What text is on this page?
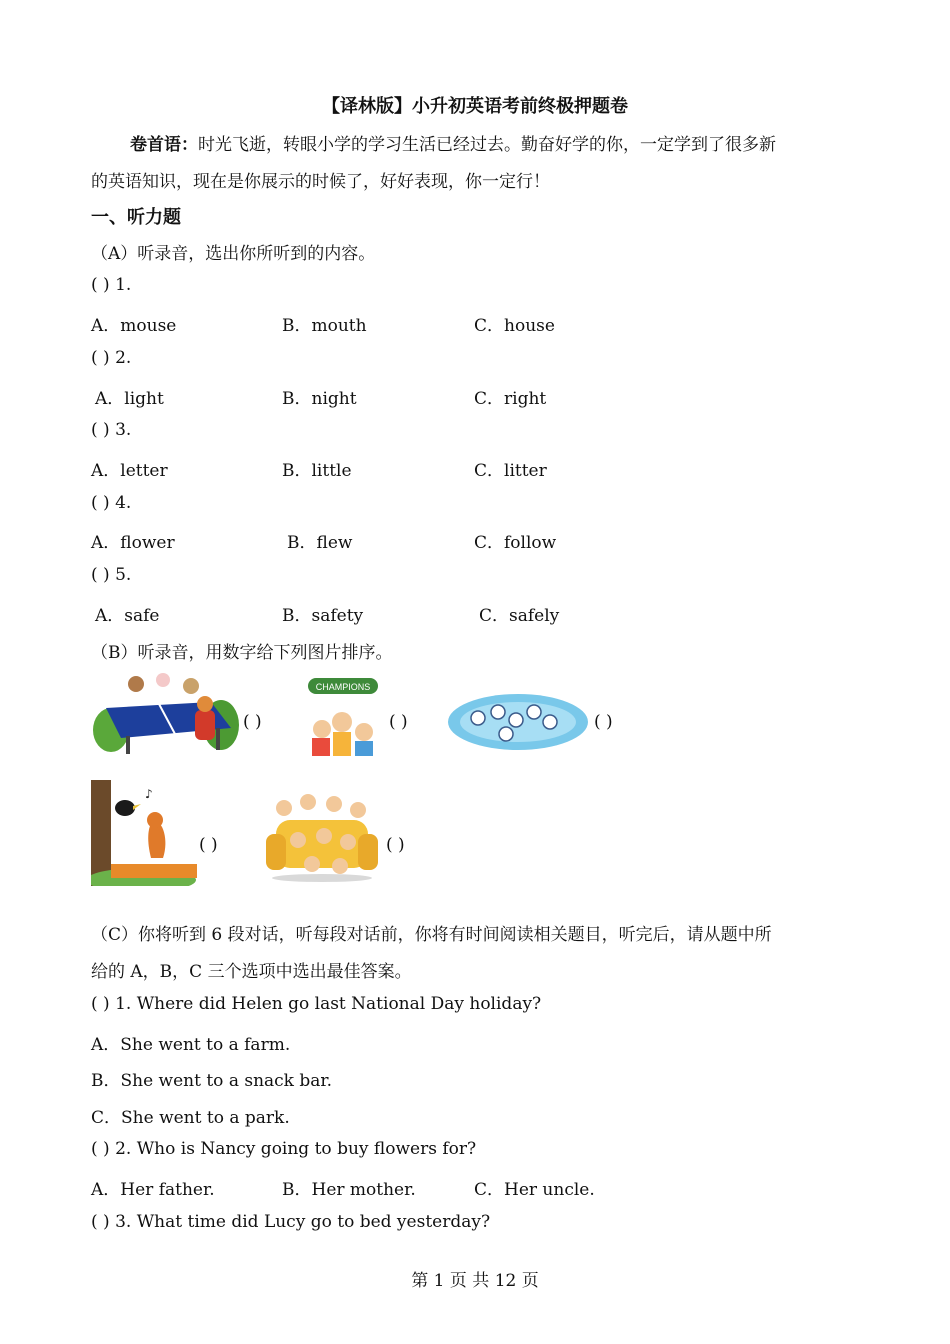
【译林版】小升初英语考前终极押题卷
卷首语：时光飞逝，转眼小学的学习生活已经过去。勤奋好学的你，一定学到了很多新
的英语知识，现在是你展示的时候了，好好表现，你一定行！
一、听力题
（A）听录音，选出你所听到的内容。
( ) 1.
A．mouse	B．mouth	C．house
( ) 2.
A．light	B．night	C．right
( ) 3.
A．letter	B．little	C．litter
( ) 4.
A．flower	B．flew	C．follow
( ) 5.
A．safe	B．safety	C．safely
（B）听录音，用数字给下列图片排序。
( )
CHAMPIONS
( )	( )
♪
( )	( )
（C）你将听到 6 段对话，听每段对话前，你将有时间阅读相关题目，听完后，请从题中所
给的 A，B，C 三个选项中选出最佳答案。
( ) 1. Where did Helen go last National Day holiday?
A．She went to a farm.
B．She went to a snack bar.
C．She went to a park.
( ) 2. Who is Nancy going to buy flowers for?
A．Her father.	B．Her mother.	C．Her uncle.
( ) 3. What time did Lucy go to bed yesterday?
第 1 页 共 12 页
